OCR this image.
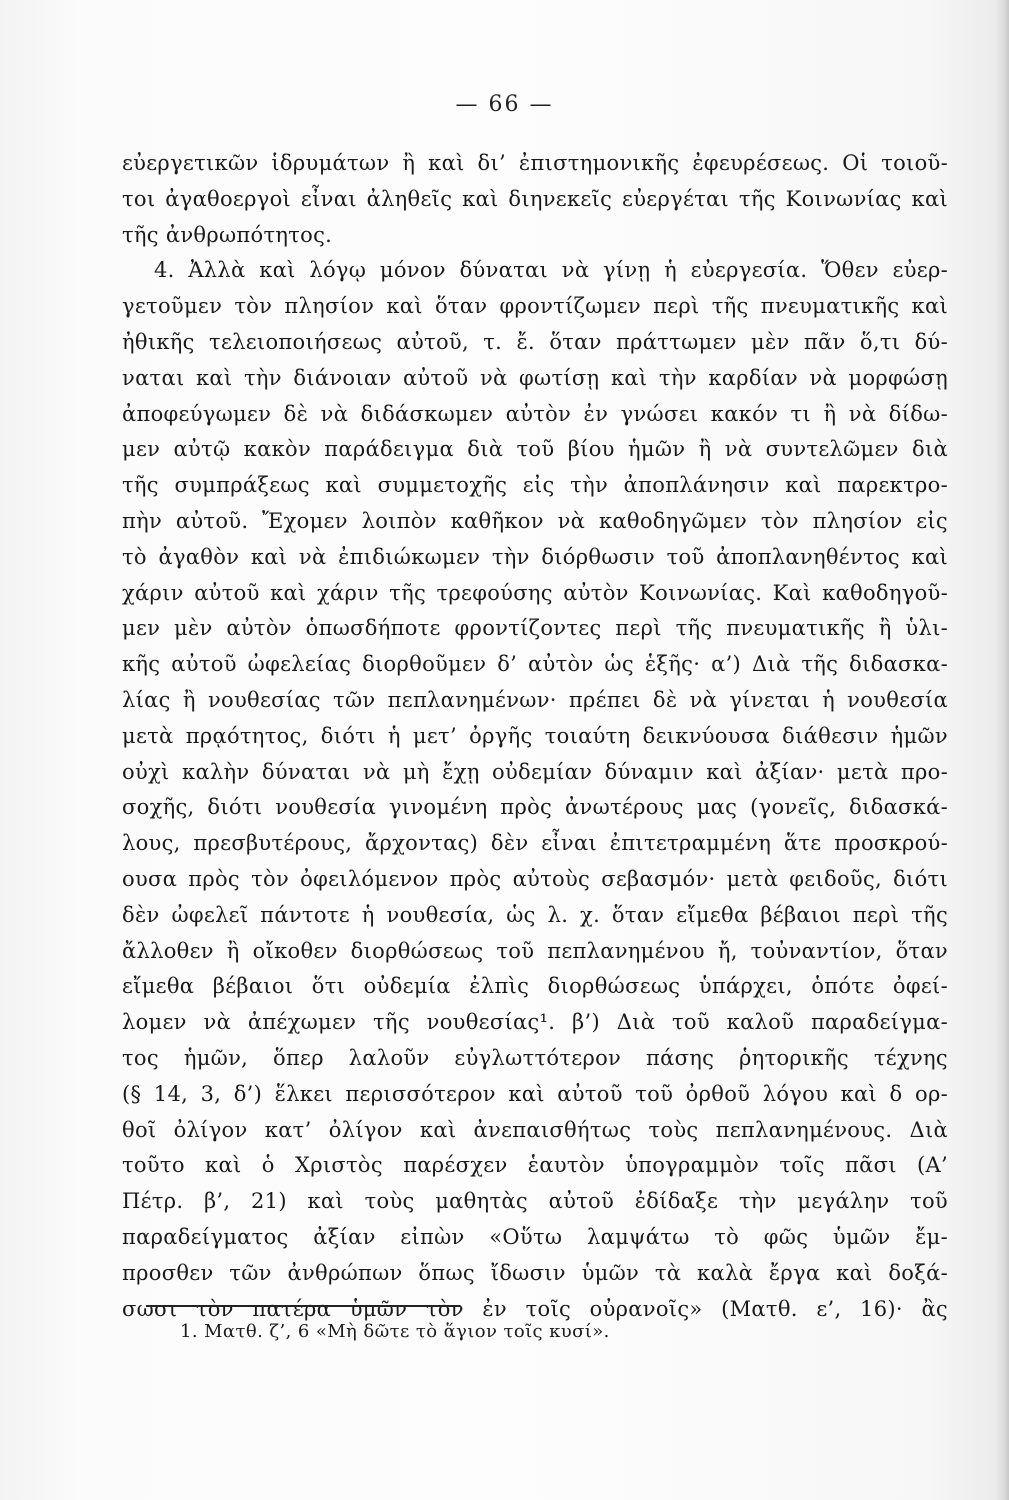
— 66 —
εὐεργετικῶν ἱδρυμάτων ἢ καὶ δι’ ἐπιστημονικῆς ἐφευρέσεως. Οἱ τοιοῦ-
τοι ἀγαθοεργοὶ εἶναι ἀληθεῖς καὶ διηνεκεῖς εὐεργέται τῆς Κοινωνίας καὶ
τῆς ἀνθρωπότητος.
4. Ἀλλὰ καὶ λόγῳ μόνον δύναται νὰ γίνῃ ἡ εὐεργεσία. Ὅθεν εὐερ-
γετοῦμεν τὸν πλησίον καὶ ὅταν φροντίζωμεν περὶ τῆς πνευματικῆς καὶ
ἠθικῆς τελειοποιήσεως αὐτοῦ, τ. ἔ. ὅταν πράττωμεν μὲν πᾶν ὅ,τι δύ-
ναται καὶ τὴν διάνοιαν αὐτοῦ νὰ φωτίσῃ καὶ τὴν καρδίαν νὰ μορφώσῃ
ἀποφεύγωμεν δὲ νὰ διδάσκωμεν αὐτὸν ἐν γνώσει κακόν τι ἢ νὰ δίδω-
μεν αὐτῷ κακὸν παράδειγμα διὰ τοῦ βίου ἡμῶν ἢ νὰ συντελῶμεν διὰ
τῆς συμπράξεως καὶ συμμετοχῆς εἰς τὴν ἀποπλάνησιν καὶ παρεκτρο-
πὴν αὐτοῦ. Ἔχομεν λοιπὸν καθῆκον νὰ καθοδηγῶμεν τὸν πλησίον εἰς
τὸ ἀγαθὸν καὶ νὰ ἐπιδιώκωμεν τὴν διόρθωσιν τοῦ ἀποπλανηθέντος καὶ
χάριν αὐτοῦ καὶ χάριν τῆς τρεφούσης αὐτὸν Κοινωνίας. Καὶ καθοδηγοῦ-
μεν μὲν αὐτὸν ὁπωσδήποτε φροντίζοντες περὶ τῆς πνευματικῆς ἢ ὑλι-
κῆς αὐτοῦ ὠφελείας διορθοῦμεν δ’ αὐτὸν ὡς ἑξῆς· α’) Διὰ τῆς διδασκα-
λίας ἢ νουθεσίας τῶν πεπλανημένων· πρέπει δὲ νὰ γίνεται ἡ νουθεσία
μετὰ πρᾳότητος, διότι ἡ μετ’ ὀργῆς τοιαύτη δεικνύουσα διάθεσιν ἡμῶν
οὐχὶ καλὴν δύναται νὰ μὴ ἔχῃ οὐδεμίαν δύναμιν καὶ ἀξίαν· μετὰ προ-
σοχῆς, διότι νουθεσία γινομένη πρὸς ἀνωτέρους μας (γονεῖς, διδασκά-
λους, πρεσβυτέρους, ἄρχοντας) δὲν εἶναι ἐπιτετραμμένη ἅτε προσκρού-
ουσα πρὸς τὸν ὀφειλόμενον πρὸς αὐτοὺς σεβασμόν· μετὰ φειδοῦς, διότι
δὲν ὠφελεῖ πάντοτε ἡ νουθεσία, ὡς λ. χ. ὅταν εἴμεθα βέβαιοι περὶ τῆς
ἄλλοθεν ἢ οἴκοθεν διορθώσεως τοῦ πεπλανημένου ἤ, τοὐναντίον, ὅταν
εἴμεθα βέβαιοι ὅτι οὐδεμία ἐλπὶς διορθώσεως ὑπάρχει, ὁπότε ὀφεί-
λομεν νὰ ἀπέχωμεν τῆς νουθεσίας¹. β’) Διὰ τοῦ καλοῦ παραδείγμα-
τος ἡμῶν, ὅπερ λαλοῦν εὐγλωττότερον πάσης ῥητορικῆς τέχνης
(§ 14, 3, δ’) ἕλκει περισσότερον καὶ αὐτοῦ τοῦ ὀρθοῦ λόγου καὶ δ ορ-
θοῖ ὀλίγον κατ’ ὀλίγον καὶ ἀνεπαισθήτως τοὺς πεπλανημένους. Διὰ
τοῦτο καὶ ὁ Χριστὸς παρέσχεν ἑαυτὸν ὑπογραμμὸν τοῖς πᾶσι (Α’
Πέτρ. β’, 21) καὶ τοὺς μαθητὰς αὐτοῦ ἐδίδαξε τὴν μεγάλην τοῦ
παραδείγματος ἀξίαν εἰπὼν «Οὕτω λαμψάτω τὸ φῶς ὑμῶν ἔμ-
προσθεν τῶν ἀνθρώπων ὅπως ἴδωσιν ὑμῶν τὰ καλὰ ἔργα καὶ δοξά-
σωσι τὸν πατέρα ὑμῶν τὸν ἐν τοῖς οὐρανοῖς» (Ματθ. ε’, 16)· ἂς
1. Ματθ. ζ’, 6 «Μὴ δῶτε τὸ ἅγιον τοῖς κυσί».
